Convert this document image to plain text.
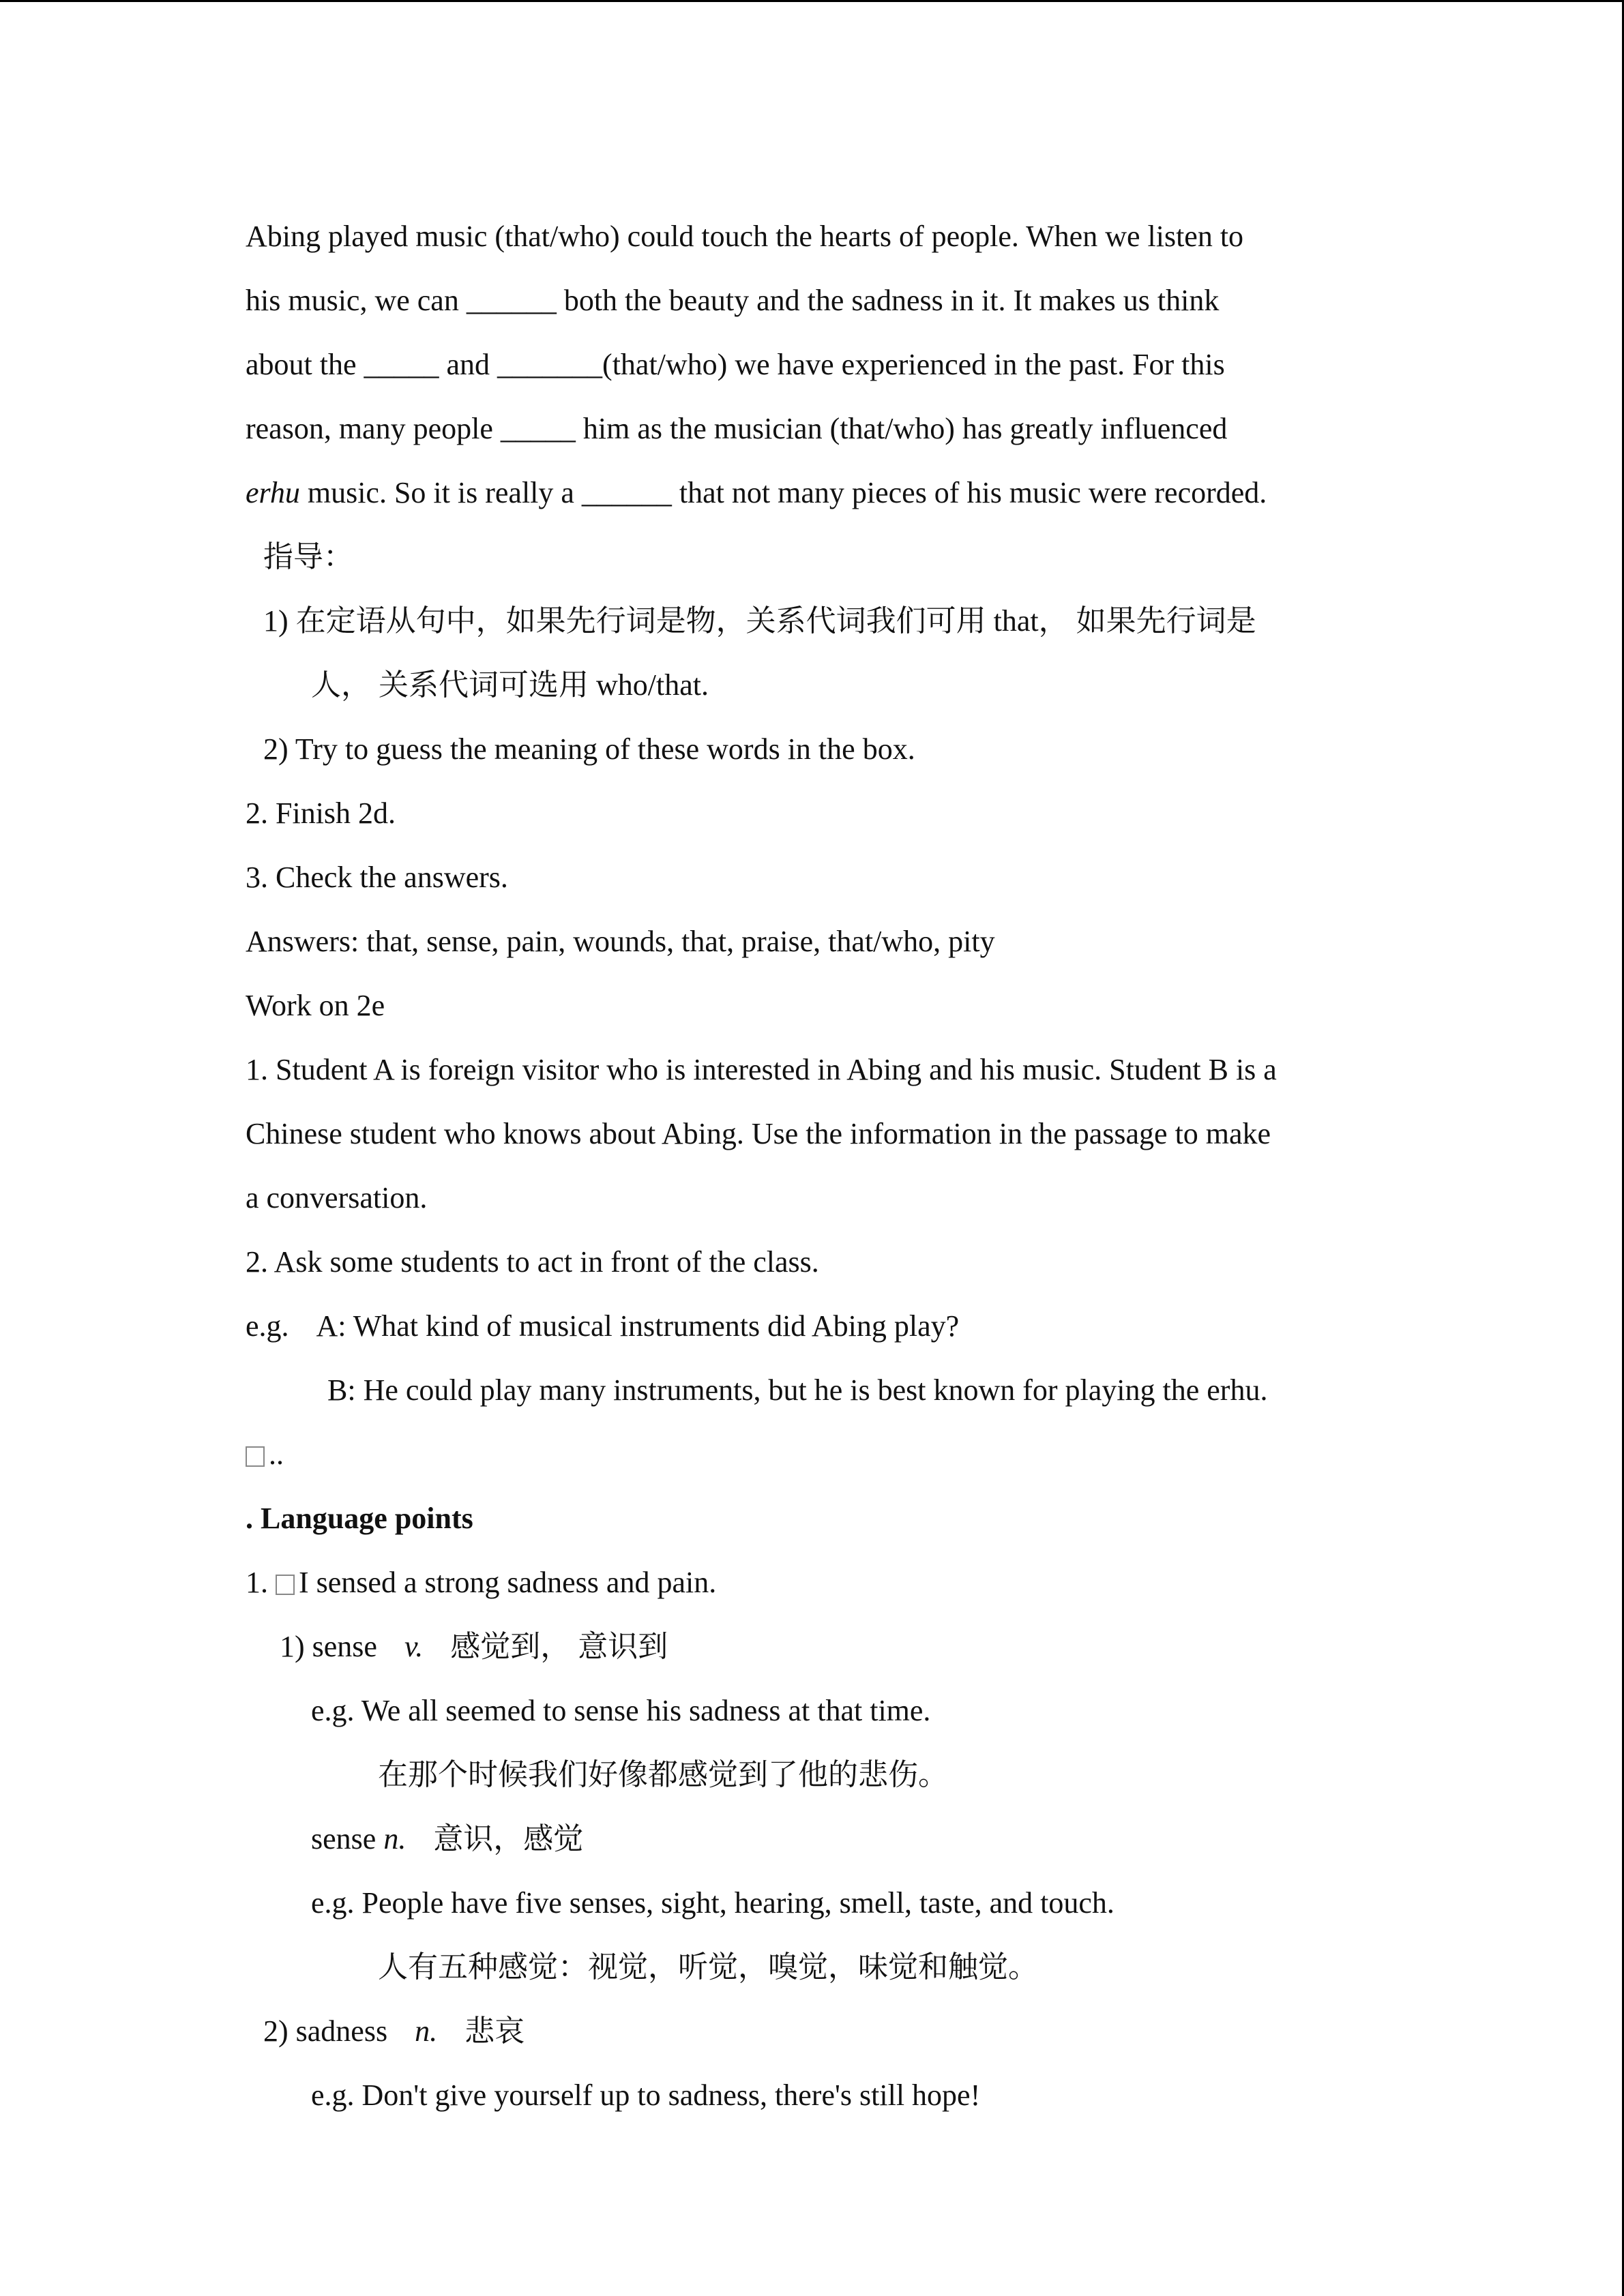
Abing played music (that/who) could touch the hearts of people. When we listen to
his music, we can ______ both the beauty and the sadness in it. It makes us think
about the _____ and _______(that/who) we have experienced in the past. For this
reason, many people _____ him as the musician (that/who) has greatly influenced
erhu music. So it is really a ______ that not many pieces of his music were recorded.
指导：
1) 在定语从句中，如果先行词是物，关系代词我们可用 that， 如果先行词是
人， 关系代词可选用 who/that.
2) Try to guess the meaning of these words in the box.
2. Finish 2d.
3. Check the answers.
Answers: that, sense, pain, wounds, that, praise, that/who, pity
Work on 2e
1. Student A is foreign visitor who is interested in Abing and his music. Student B is a
Chinese student who knows about Abing. Use the information in the passage to make
a conversation.
2. Ask some students to act in front of the class.
e.g. A: What kind of musical instruments did Abing play?
B: He could play many instruments, but he is best known for playing the erhu.
..
. Language points
1. I sensed a strong sadness and pain.
1) sense v. 感觉到， 意识到
e.g. We all seemed to sense his sadness at that time.
在那个时候我们好像都感觉到了他的悲伤。
sense n. 意识，感觉
e.g. People have five senses, sight, hearing, smell, taste, and touch.
人有五种感觉：视觉，听觉，嗅觉，味觉和触觉。
2) sadness n. 悲哀
e.g. Don't give yourself up to sadness, there's still hope!
